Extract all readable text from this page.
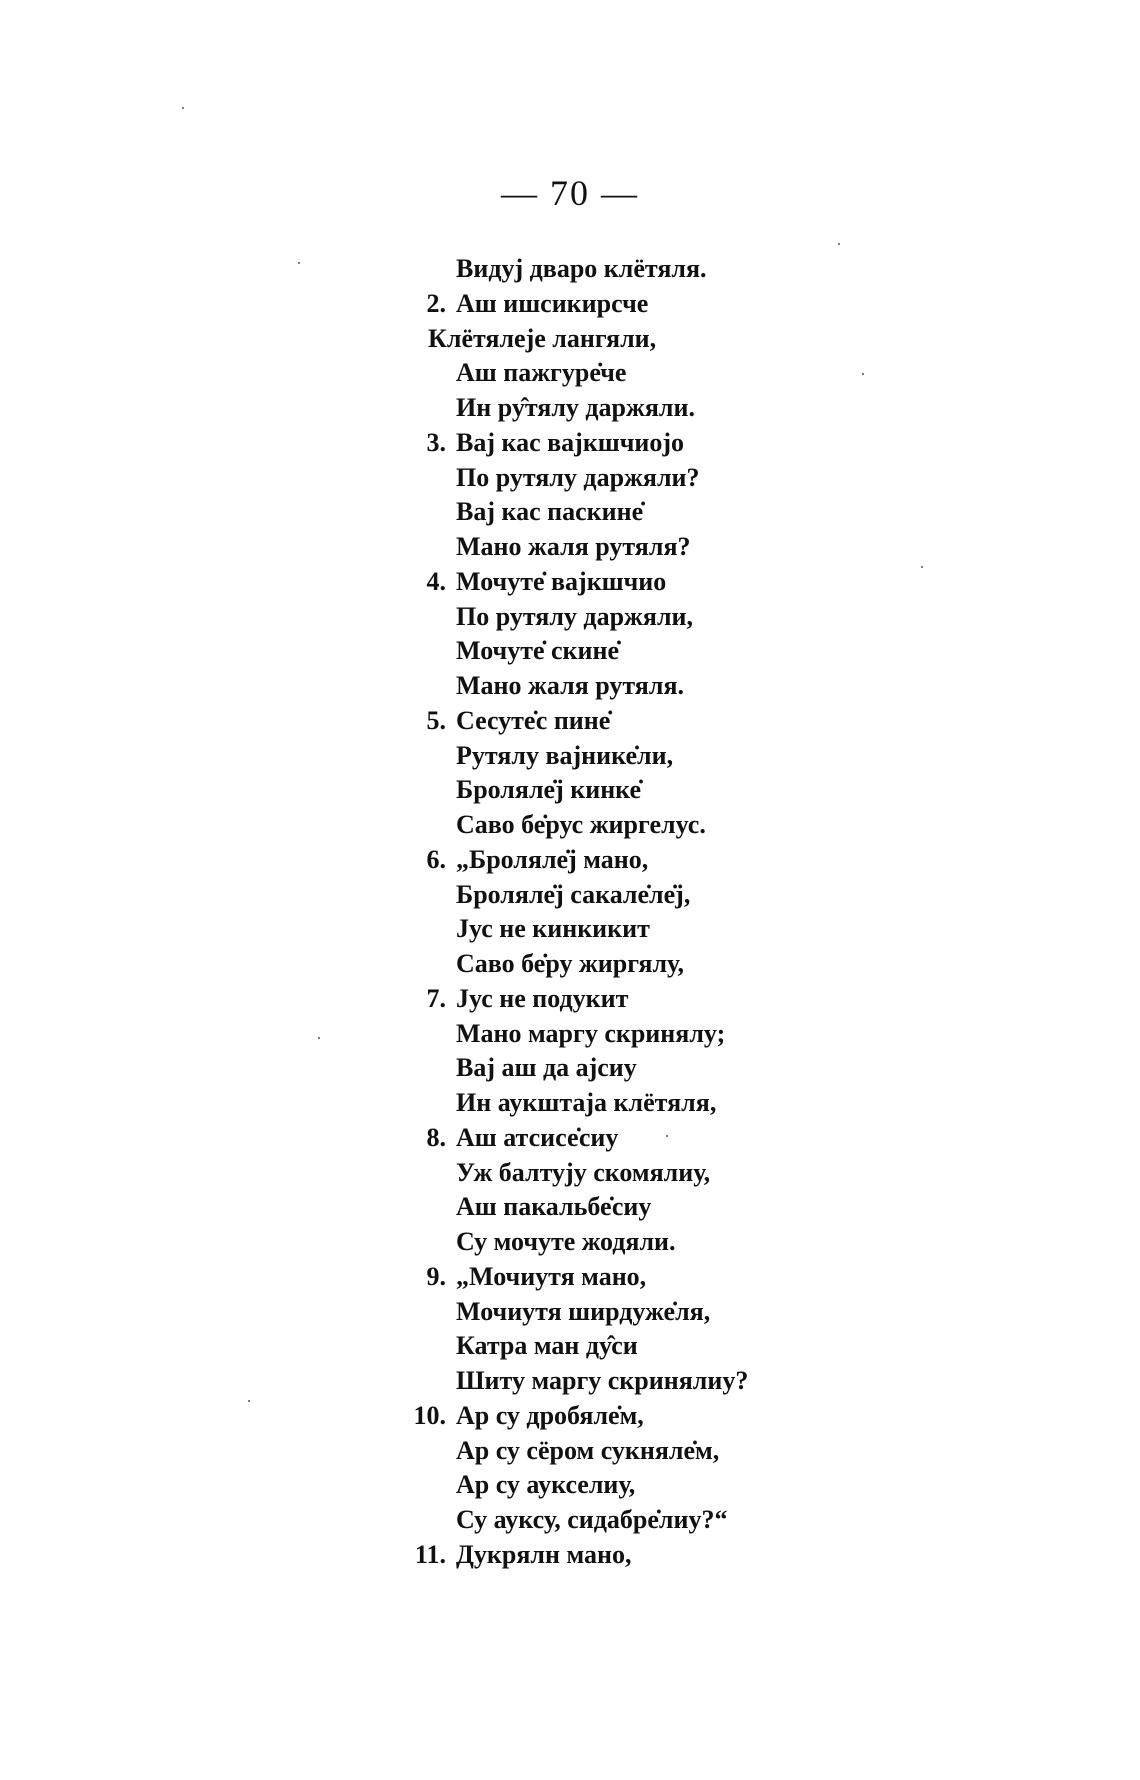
— 70 —
Видуј дваро клётяля.
2. Аш ишсикирсче
Клётялеје лангяли,
Аш пажгуре̇че
Ин ру̂тялу даржяли.
3. Вај кас вајкшчиојо
По рутялу даржяли?
Вај кас паскине̇
Мано жаля рутяля?
4. Мочуте̇ вајкшчио
По рутялу даржяли,
Мочуте̇ скине̇
Мано жаля рутяля.
5. Сесуте̇с пине̇
Рутялу вајнике̇ли,
Броляле̇ј кинке̇
Саво бе̇рус жиргелус.
6. „Броляле̇ј мано,
Броляле̇ј сакале̇ле̇ј,
Јус не кинкикит
Саво бе̇ру жиргялу,
7. Јус не подукит
Мано маргу скринялу;
Вај аш да ајсиу
Ин аукштаја клётяля,
8. Аш атсисе̇сиу
Уж балтују скомялиу,
Аш пакальбе̇сиу
Су мочуте жодяли.
9. „Мочиутя мано,
Мочиутя ширдуже̇ля,
Катра ман ду̂си
Шиту маргу скринялиу?
10. Ар су дробяле̇м,
Ар су сёром сукняле̇м,
Ар су аукселиу,
Су ауксу, сидабре̇лиу?“
11. Дукрялн мано,
